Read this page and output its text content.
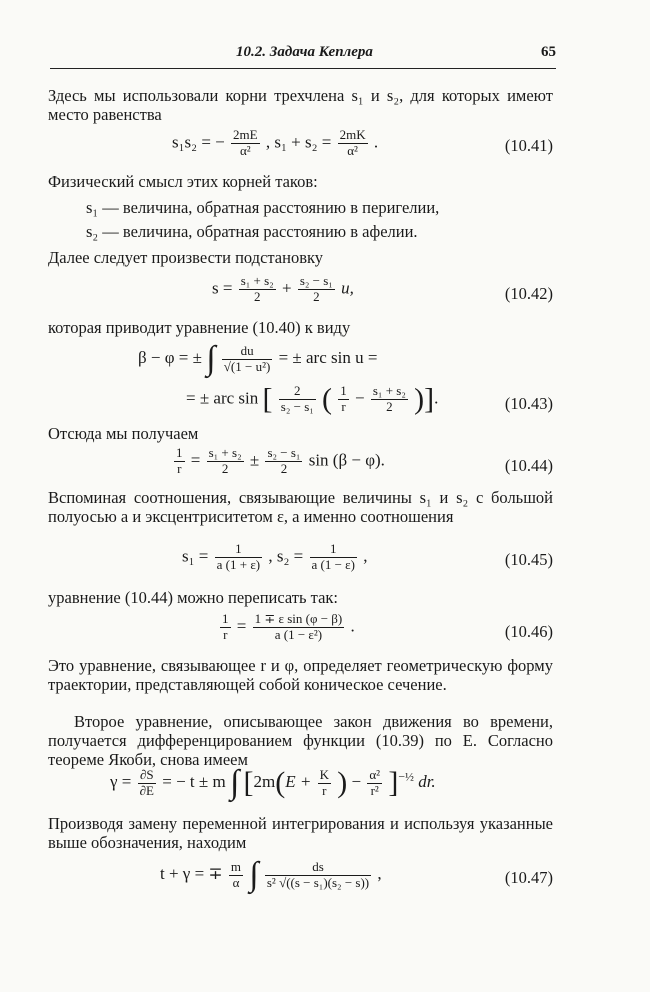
10.2. Задача Кеплера	65
Здесь мы использовали корни трехчлена s₁ и s₂, для которых имеют место равенства
s₁s₂ = − $\frac{2mE}{\text{α²}}$ , $s_1 + s_2 = \frac{2mK}{\text{α²}}$ .	(10.41)
Физический смысл этих корней таков:
s₁ — величина, обратная расстоянию в перигелии,
s₂ — величина, обратная расстоянию в афелии.
Далее следует произвести подстановку
$s = \frac{\text{s₁ + s₂}}{2} + \frac{\text{s₂ − s₁}}{2} u$,	(10.42)
которая приводит уравнение (10.40) к виду
β − φ = ± ∫ $\frac{du}{\text{√(1 − u²)}}$ = ± arc sin u =
= ± arc sin [ $\frac{2}{\text{s₂ − s₁}}$ ( $\frac{1}{r} - \frac{\text{s₁ + s₂}}{2}$ )].	(10.43)
Отсюда мы получаем
$\frac{1}{r} = \frac{\text{s₁ + s₂}}{2} \pm \frac{\text{s₂ − s₁}}{2}$ sin (β − φ).	(10.44)
Вспоминая соотношения, связывающие величины s₁ и s₂ с большой полуосью a и эксцентриситетом ε, а именно соотношения
$s_1 = \frac{1}{a (1 + \varepsilon)}$ , $s_2 = \frac{1}{a (1 - \varepsilon)}$ ,	(10.45)
уравнение (10.44) можно переписать так:
$\frac{1}{r} = \frac{\text{1 ∓ ε sin (φ − β)}}{\text{a (1 − ε²)}}$ .	(10.46)
Это уравнение, связывающее r и φ, определяет геометрическую форму траектории, представляющей собой коническое сечение.
Второе уравнение, описывающее закон движения во времени, получается дифференцированием функции (10.39) по E. Согласно теореме Якоби, снова имеем
$\gamma = \frac{\partial S}{\partial E}$ = − t ± m ∫ [$2m(E + \frac{K}{r}$ ) − $\frac{\text{α²}}{\text{r²}} ]^{-\frac{1}{2}}$ dr.
Производя замену переменной интегрирования и используя указанные выше обозначения, находим
t + γ = ∓ $\frac{m}{\alpha}$ ∫ $\frac{ds}{\text{s² √((s − s₁)(s₂ − s))}}$ ,	(10.47)
